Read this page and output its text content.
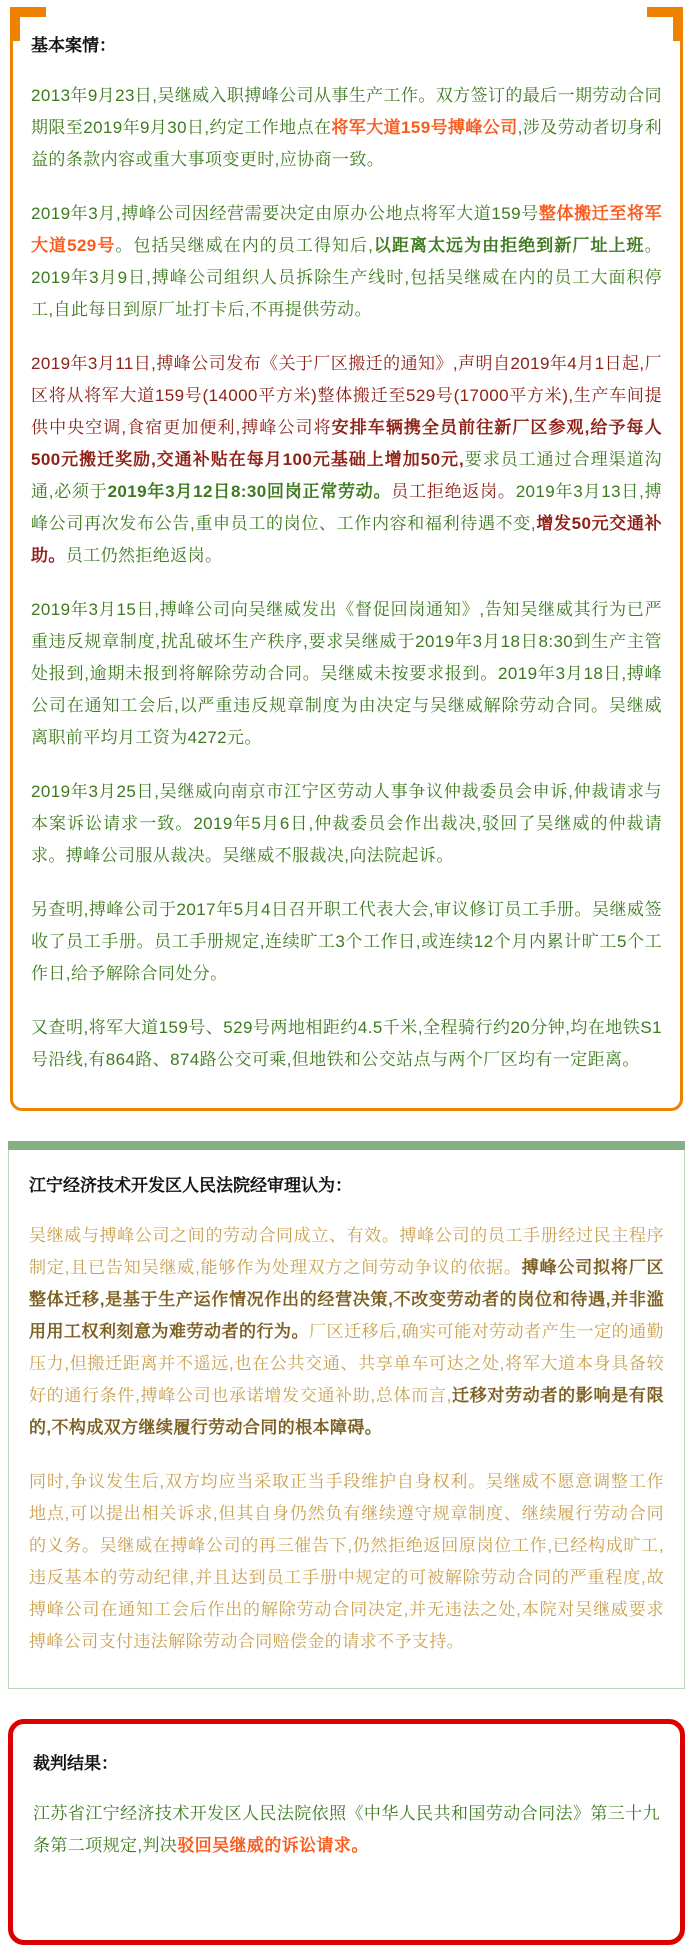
基本案情：

2013年9月23日,吴继威入职搏峰公司从事生产工作。双方签订的最后一期劳动合同期限至2019年9月30日,约定工作地点在将军大道159号搏峰公司,涉及劳动者切身利益的条款内容或重大事项变更时,应协商一致。

2019年3月,搏峰公司因经营需要决定由原办公地点将军大道159号整体搬迁至将军大道529号。包括吴继威在内的员工得知后,以距离太远为由拒绝到新厂址上班。2019年3月9日,搏峰公司组织人员拆除生产线时,包括吴继威在内的员工大面积停工,自此每日到原厂址打卡后,不再提供劳动。

2019年3月11日,搏峰公司发布《关于厂区搬迁的通知》,声明自2019年4月1日起,厂区将从将军大道159号(14000平方米)整体搬迁至529号(17000平方米),生产车间提供中央空调,食宿更加便利,搏峰公司将安排车辆携全员前往新厂区参观,给予每人500元搬迁奖励,交通补贴在每月100元基础上增加50元,要求员工通过合理渠道沟通,必须于2019年3月12日8:30回岗正常劳动。员工拒绝返岗。2019年3月13日,搏峰公司再次发布公告,重申员工的岗位、工作内容和福利待遇不变,增发50元交通补助。员工仍然拒绝返岗。

2019年3月15日,搏峰公司向吴继威发出《督促回岗通知》,告知吴继威其行为已严重违反规章制度,扰乱破坏生产秩序,要求吴继威于2019年3月18日8:30到生产主管处报到,逾期未报到将解除劳动合同。吴继威未按要求报到。2019年3月18日,搏峰公司在通知工会后,以严重违反规章制度为由决定与吴继威解除劳动合同。吴继威离职前平均月工资为4272元。

2019年3月25日,吴继威向南京市江宁区劳动人事争议仲裁委员会申诉,仲裁请求与本案诉讼请求一致。2019年5月6日,仲裁委员会作出裁决,驳回了吴继威的仲裁请求。搏峰公司服从裁决。吴继威不服裁决,向法院起诉。

另查明,搏峰公司于2017年5月4日召开职工代表大会,审议修订员工手册。吴继威签收了员工手册。员工手册规定,连续旷工3个工作日,或连续12个月内累计旷工5个工作日,给予解除合同处分。

又查明,将军大道159号、529号两地相距约4.5千米,全程骑行约20分钟,均在地铁S1号沿线,有864路、874路公交可乘,但地铁和公交站点与两个厂区均有一定距离。

江宁经济技术开发区人民法院经审理认为：

吴继威与搏峰公司之间的劳动合同成立、有效。搏峰公司的员工手册经过民主程序制定,且已告知吴继威,能够作为处理双方之间劳动争议的依据。搏峰公司拟将厂区整体迁移,是基于生产运作情况作出的经营决策,不改变劳动者的岗位和待遇,并非滥用用工权利刻意为难劳动者的行为。厂区迁移后,确实可能对劳动者产生一定的通勤压力,但搬迁距离并不遥远,也在公共交通、共享单车可达之处,将军大道本身具备较好的通行条件,搏峰公司也承诺增发交通补助,总体而言,迁移对劳动者的影响是有限的,不构成双方继续履行劳动合同的根本障碍。

同时,争议发生后,双方均应当采取正当手段维护自身权利。吴继威不愿意调整工作地点,可以提出相关诉求,但其自身仍然负有继续遵守规章制度、继续履行劳动合同的义务。吴继威在搏峰公司的再三催告下,仍然拒绝返回原岗位工作,已经构成旷工,违反基本的劳动纪律,并且达到员工手册中规定的可被解除劳动合同的严重程度,故搏峰公司在通知工会后作出的解除劳动合同决定,并无违法之处,本院对吴继威要求搏峰公司支付违法解除劳动合同赔偿金的请求不予支持。

裁判结果：

江苏省江宁经济技术开发区人民法院依照《中华人民共和国劳动合同法》第三十九条第二项规定,判决驳回吴继威的诉讼请求。
